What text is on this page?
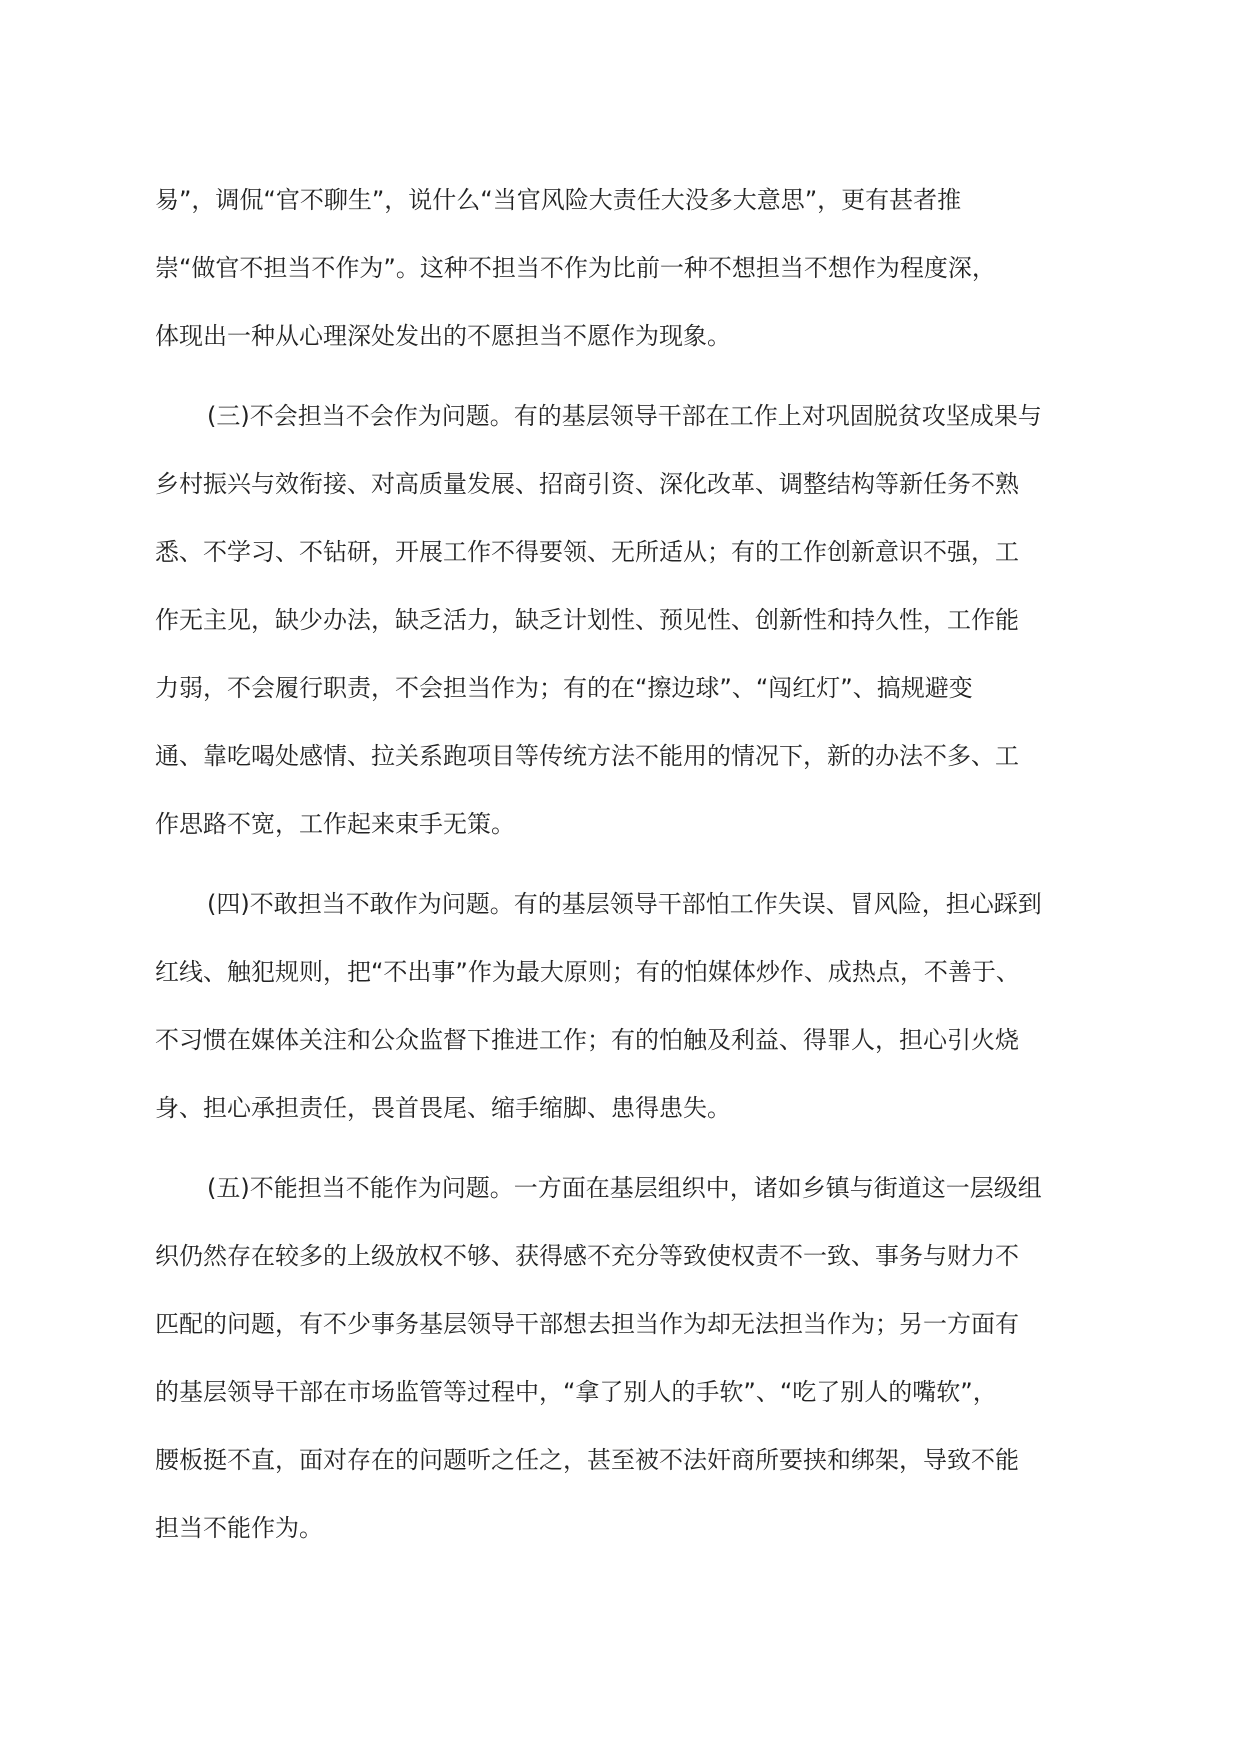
易”，调侃“官不聊生”，说什么“当官风险大责任大没多大意思”，更有甚者推
崇“做官不担当不作为”。这种不担当不作为比前一种不想担当不想作为程度深，
体现出一种从心理深处发出的不愿担当不愿作为现象。
(三)不会担当不会作为问题。有的基层领导干部在工作上对巩固脱贫攻坚成果与
乡村振兴与效衔接、对高质量发展、招商引资、深化改革、调整结构等新任务不熟
悉、不学习、不钻研，开展工作不得要领、无所适从；有的工作创新意识不强，工
作无主见，缺少办法，缺乏活力，缺乏计划性、预见性、创新性和持久性，工作能
力弱，不会履行职责，不会担当作为；有的在“擦边球”、“闯红灯”、搞规避变
通、靠吃喝处感情、拉关系跑项目等传统方法不能用的情况下，新的办法不多、工
作思路不宽，工作起来束手无策。
(四)不敢担当不敢作为问题。有的基层领导干部怕工作失误、冒风险，担心踩到
红线、触犯规则，把“不出事”作为最大原则；有的怕媒体炒作、成热点，不善于、
不习惯在媒体关注和公众监督下推进工作；有的怕触及利益、得罪人，担心引火烧
身、担心承担责任，畏首畏尾、缩手缩脚、患得患失。
(五)不能担当不能作为问题。一方面在基层组织中，诸如乡镇与街道这一层级组
织仍然存在较多的上级放权不够、获得感不充分等致使权责不一致、事务与财力不
匹配的问题，有不少事务基层领导干部想去担当作为却无法担当作为；另一方面有
的基层领导干部在市场监管等过程中，“拿了别人的手软”、“吃了别人的嘴软”，
腰板挺不直，面对存在的问题听之任之，甚至被不法奸商所要挟和绑架，导致不能
担当不能作为。
